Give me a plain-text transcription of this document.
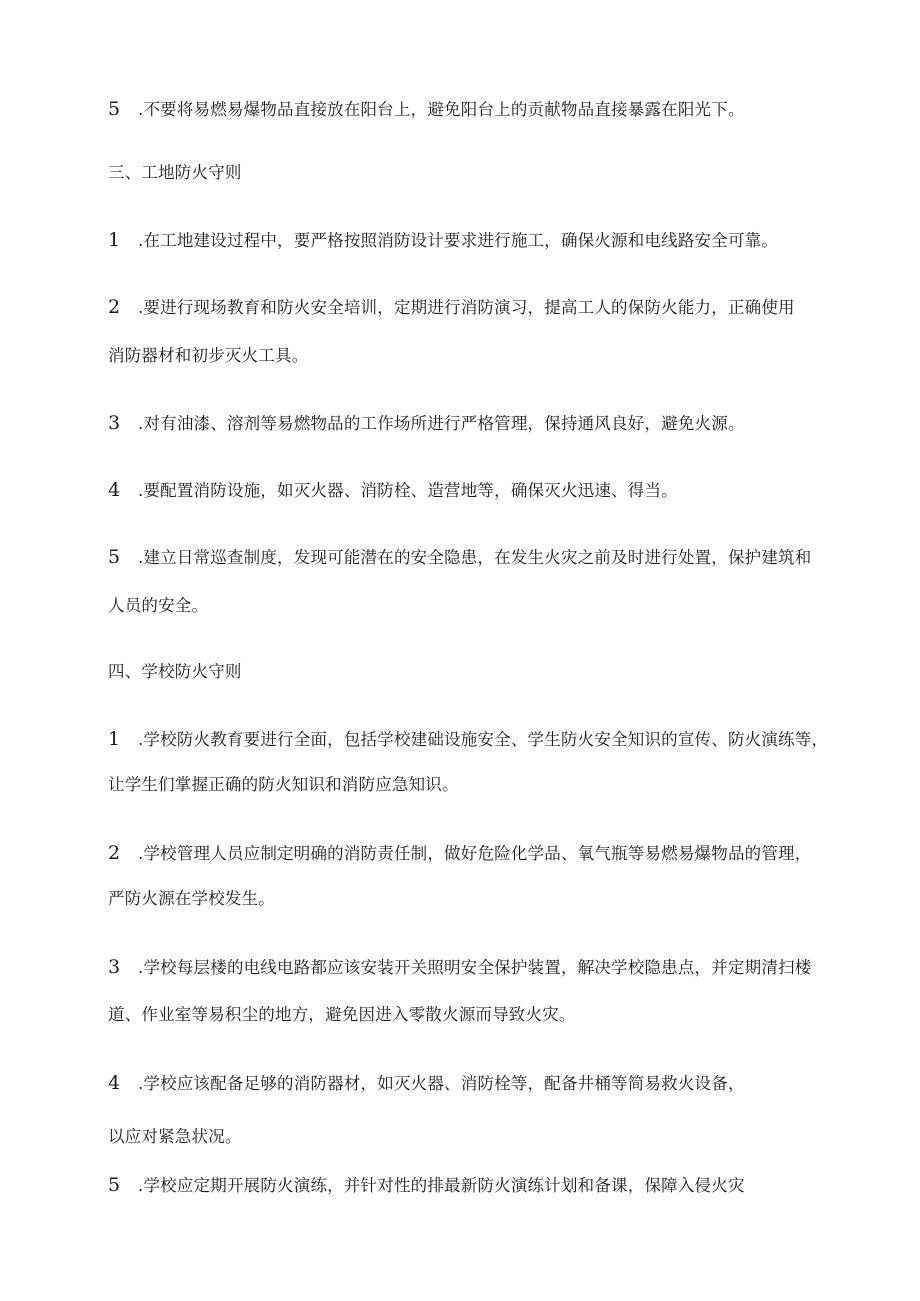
5 .不要将易燃易爆物品直接放在阳台上，避免阳台上的贡献物品直接暴露在阳光下。
三、工地防火守则
1 .在工地建设过程中，要严格按照消防设计要求进行施工，确保火源和电线路安全可靠。
2 .要进行现场教育和防火安全培训，定期进行消防演习，提高工人的保防火能力，正确使用
消防器材和初步灭火工具。
3 .对有油漆、溶剂等易燃物品的工作场所进行严格管理，保持通风良好，避免火源。
4 .要配置消防设施，如灭火器、消防栓、造营地等，确保灭火迅速、得当。
5 .建立日常巡查制度，发现可能潜在的安全隐患，在发生火灾之前及时进行处置，保护建筑和
人员的安全。
四、学校防火守则
1 .学校防火教育要进行全面，包括学校建础设施安全、学生防火安全知识的宣传、防火演练等，
让学生们掌握正确的防火知识和消防应急知识。
2 .学校管理人员应制定明确的消防责任制，做好危险化学品、氧气瓶等易燃易爆物品的管理，
严防火源在学校发生。
3 .学校每层楼的电线电路都应该安装开关照明安全保护装置，解决学校隐患点，并定期清扫楼
道、作业室等易积尘的地方，避免因进入零散火源而导致火灾。
4 .学校应该配备足够的消防器材，如灭火器、消防栓等，配备井桶等简易救火设备，
以应对紧急状况。
5 .学校应定期开展防火演练，并针对性的排最新防火演练计划和备课，保障入侵火灾
